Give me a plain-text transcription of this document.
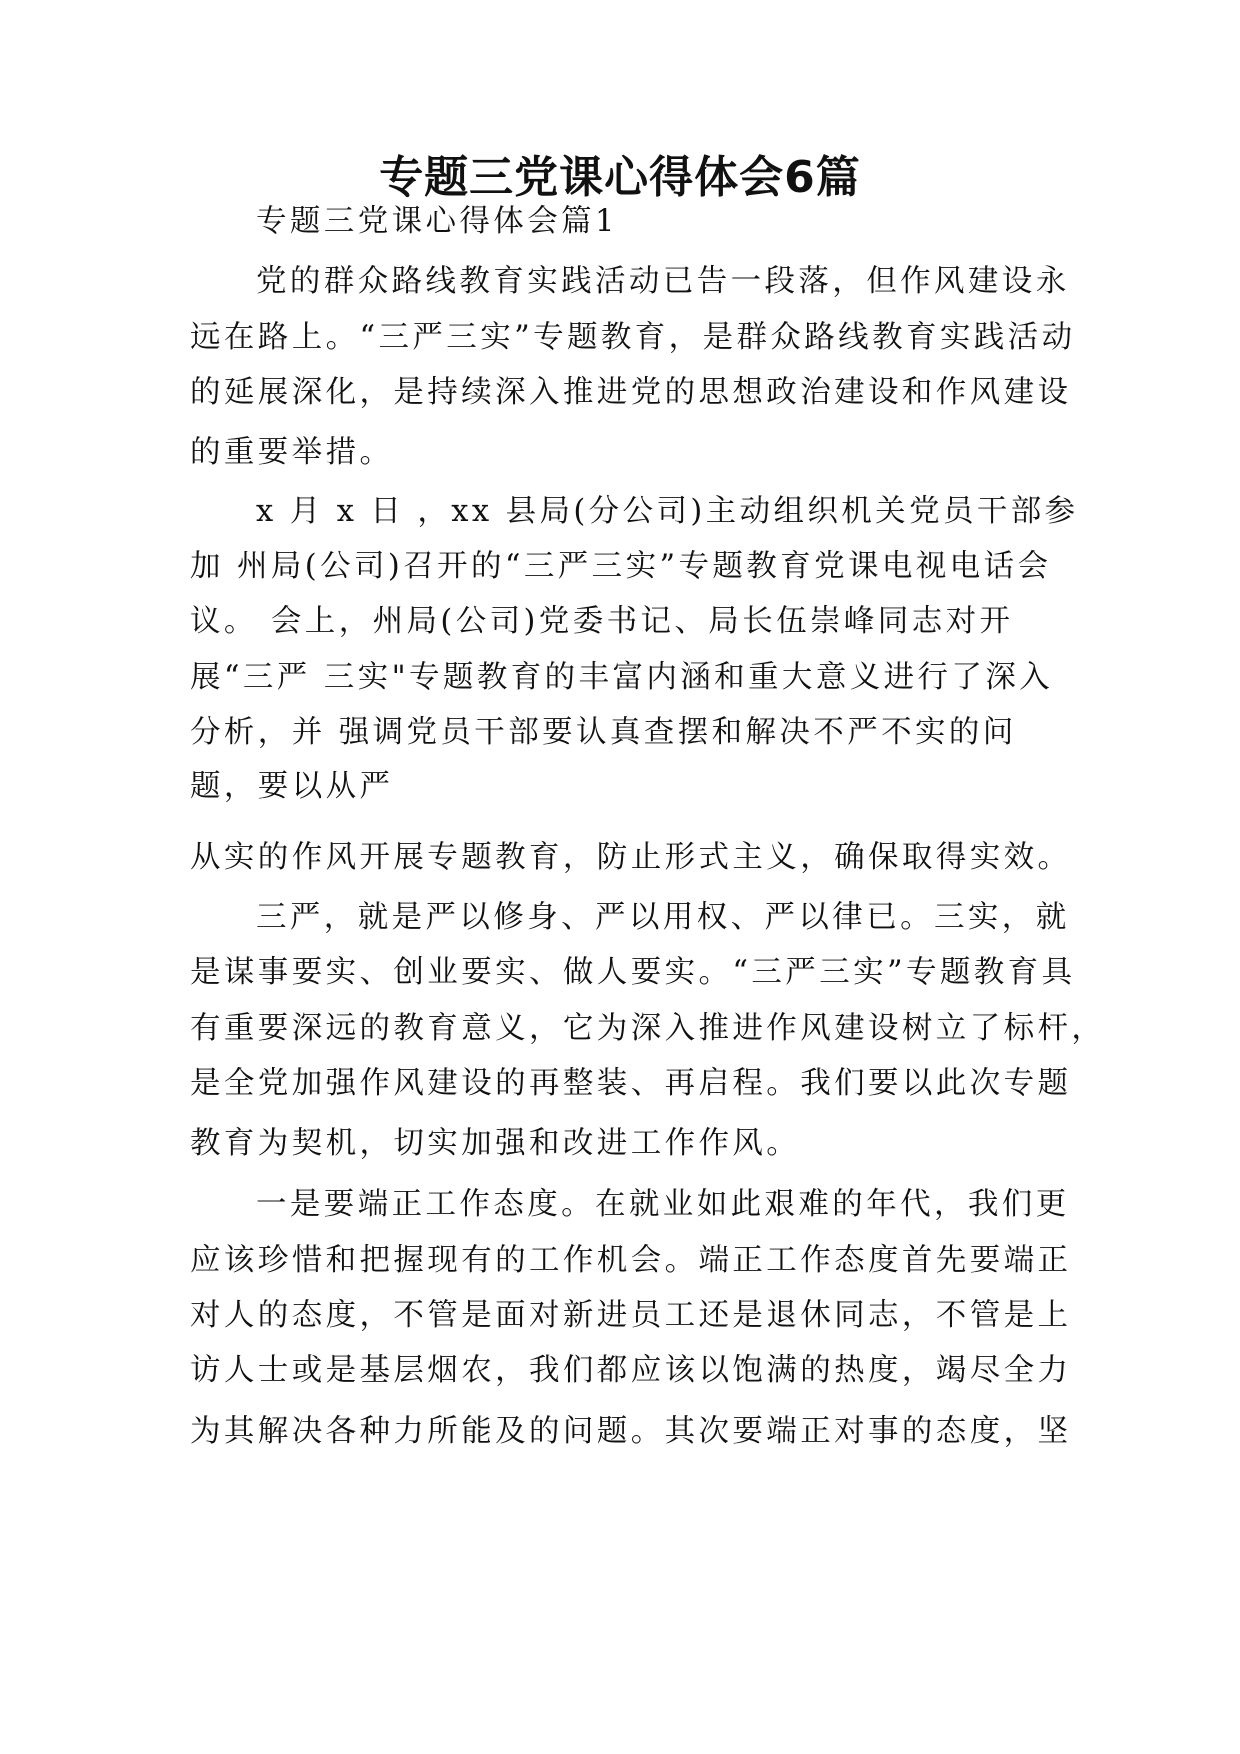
专题三党课心得体会6篇
专题三党课心得体会篇1
党的群众路线教育实践活动已告一段落，但作风建设永
远在路上。“三严三实”专题教育，是群众路线教育实践活动
的延展深化，是持续深入推进党的思想政治建设和作风建设
的重要举措。
x 月 x 日 ，xx 县局(分公司)主动组织机关党员干部参
加 州局(公司)召开的“三严三实”专题教育党课电视电话会
议。 会上，州局(公司)党委书记、局长伍崇峰同志对开
展“三严 三实"专题教育的丰富内涵和重大意义进行了深入
分析，并 强调党员干部要认真查摆和解决不严不实的问
题，要以从严
从实的作风开展专题教育，防止形式主义，确保取得实效。
三严，就是严以修身、严以用权、严以律已。三实，就
是谋事要实、创业要实、做人要实。“三严三实”专题教育具
有重要深远的教育意义，它为深入推进作风建设树立了标杆，
是全党加强作风建设的再整装、再启程。我们要以此次专题
教育为契机，切实加强和改进工作作风。
一是要端正工作态度。在就业如此艰难的年代，我们更
应该珍惜和把握现有的工作机会。端正工作态度首先要端正
对人的态度，不管是面对新进员工还是退休同志，不管是上
访人士或是基层烟农，我们都应该以饱满的热度，竭尽全力
为其解决各种力所能及的问题。其次要端正对事的态度，坚
